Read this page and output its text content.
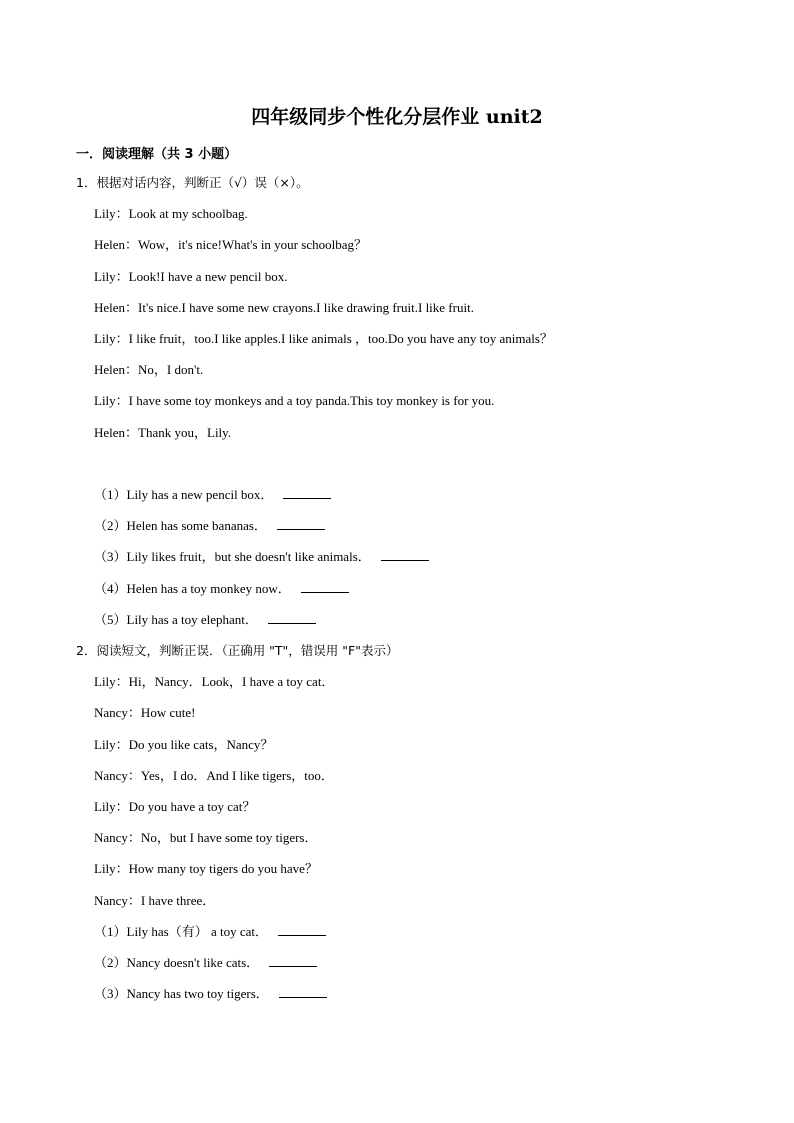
四年级同步个性化分层作业 unit2
一．阅读理解（共 3 小题）
1．根据对话内容，判断正（√）误（×）。
Lily：Look at my schoolbag.
Helen：Wow，it's nice!What's in your schoolbag？
Lily：Look!I have a new pencil box.
Helen：It's nice.I have some new crayons.I like drawing fruit.I like fruit.
Lily：I like fruit，too.I like apples.I like animals ，too.Do you have any toy animals？
Helen：No，I don't.
Lily：I have some toy monkeys and a toy panda.This toy monkey is for you.
Helen：Thank you，Lily.
（1）Lily has a new pencil box．
（2）Helen has some bananas．
（3）Lily likes fruit，but she doesn't like animals．
（4）Helen has a toy monkey now．
（5）Lily has a toy elephant．
2．阅读短文，判断正误．（正确用 "T"，错误用 "F"表示）
Lily：Hi，Nancy．Look，I have a toy cat．
Nancy：How cute!
Lily：Do you like cats，Nancy？
Nancy：Yes，I do．And I like tigers，too．
Lily：Do you have a toy cat？
Nancy：No，but I have some toy tigers．
Lily：How many toy tigers do you have？
Nancy：I have three．
（1）Lily has（有） a toy cat．
（2）Nancy doesn't like cats．
（3）Nancy has two toy tigers．
